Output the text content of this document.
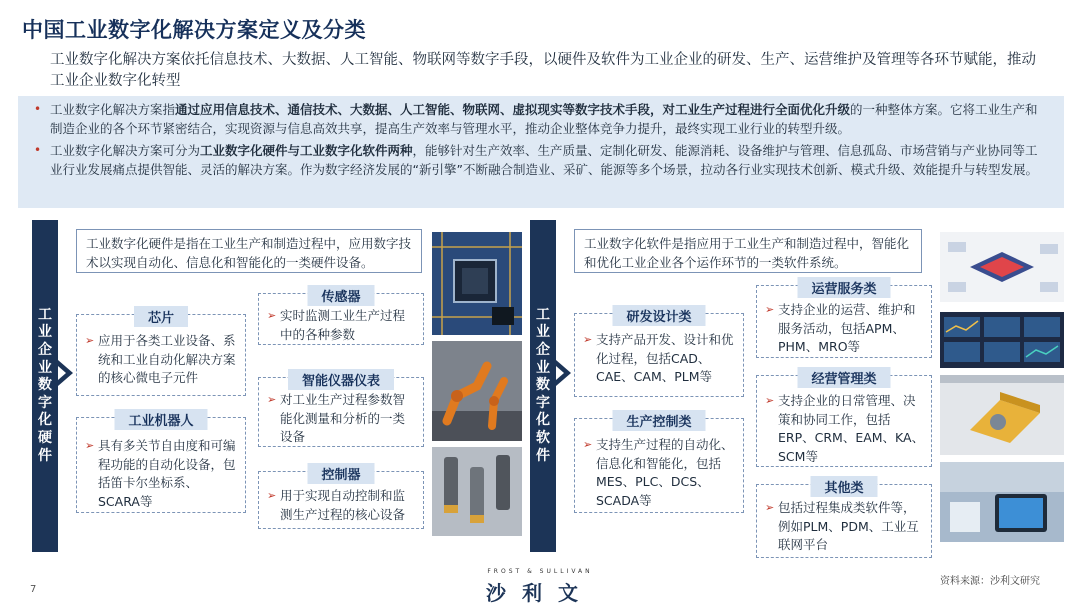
中国工业数字化解决方案定义及分类
工业数字化解决方案依托信息技术、大数据、人工智能、物联网等数字手段，以硬件及软件为工业企业的研发、生产、运营维护及管理等各环节赋能，推动工业企业数字化转型
• 工业数字化解决方案指通过应用信息技术、通信技术、大数据、人工智能、物联网、虚拟现实等数字技术手段，对工业生产过程进行全面优化升级的一种整体方案。它将工业生产和制造企业的各个环节紧密结合，实现资源与信息高效共享，提高生产效率与管理水平，推动企业整体竞争力提升，最终实现工业行业的转型升级。
• 工业数字化解决方案可分为工业数字化硬件与工业数字化软件两种，能够针对生产效率、生产质量、定制化研发、能源消耗、设备维护与管理、信息孤岛、市场营销与产业协同等工业行业发展痛点提供智能、灵活的解决方案。作为数字经济发展的“新引擎”不断融合制造业、采矿、能源等多个场景，拉动各行业实现技术创新、模式升级、效能提升与转型发展。
工业企业数字化硬件
工业数字化硬件是指在工业生产和制造过程中，应用数字技术以实现自动化、信息化和智能化的一类硬件设备。
芯片
➢ 应用于各类工业设备、系统和工业自动化解决方案的核心微电子元件
工业机器人
➢ 具有多关节自由度和可编程功能的自动化设备，包括笛卡尔坐标系、SCARA等
传感器
➢ 实时监测工业生产过程中的各种参数
智能仪器仪表
➢ 对工业生产过程参数智能化测量和分析的一类设备
控制器
➢ 用于实现自动控制和监测生产过程的核心设备
工业企业数字化软件
工业数字化软件是指应用于工业生产和制造过程中，智能化和优化工业企业各个运作环节的一类软件系统。
研发设计类
➢ 支持产品开发、设计和优化过程，包括CAD、CAE、CAM、PLM等
生产控制类
➢ 支持生产过程的自动化、信息化和智能化，包括MES、PLC、DCS、SCADA等
运营服务类
➢ 支持企业的运营、维护和服务活动，包括APM、PHM、MRO等
经营管理类
➢ 支持企业的日常管理、决策和协同工作，包括ERP、CRM、EAM、KA、SCM等
其他类
➢ 包括过程集成类软件等，例如PLM、PDM、工业互联网平台
7
FROST & SULLIVAN
沙利文	资料来源：沙利文研究
